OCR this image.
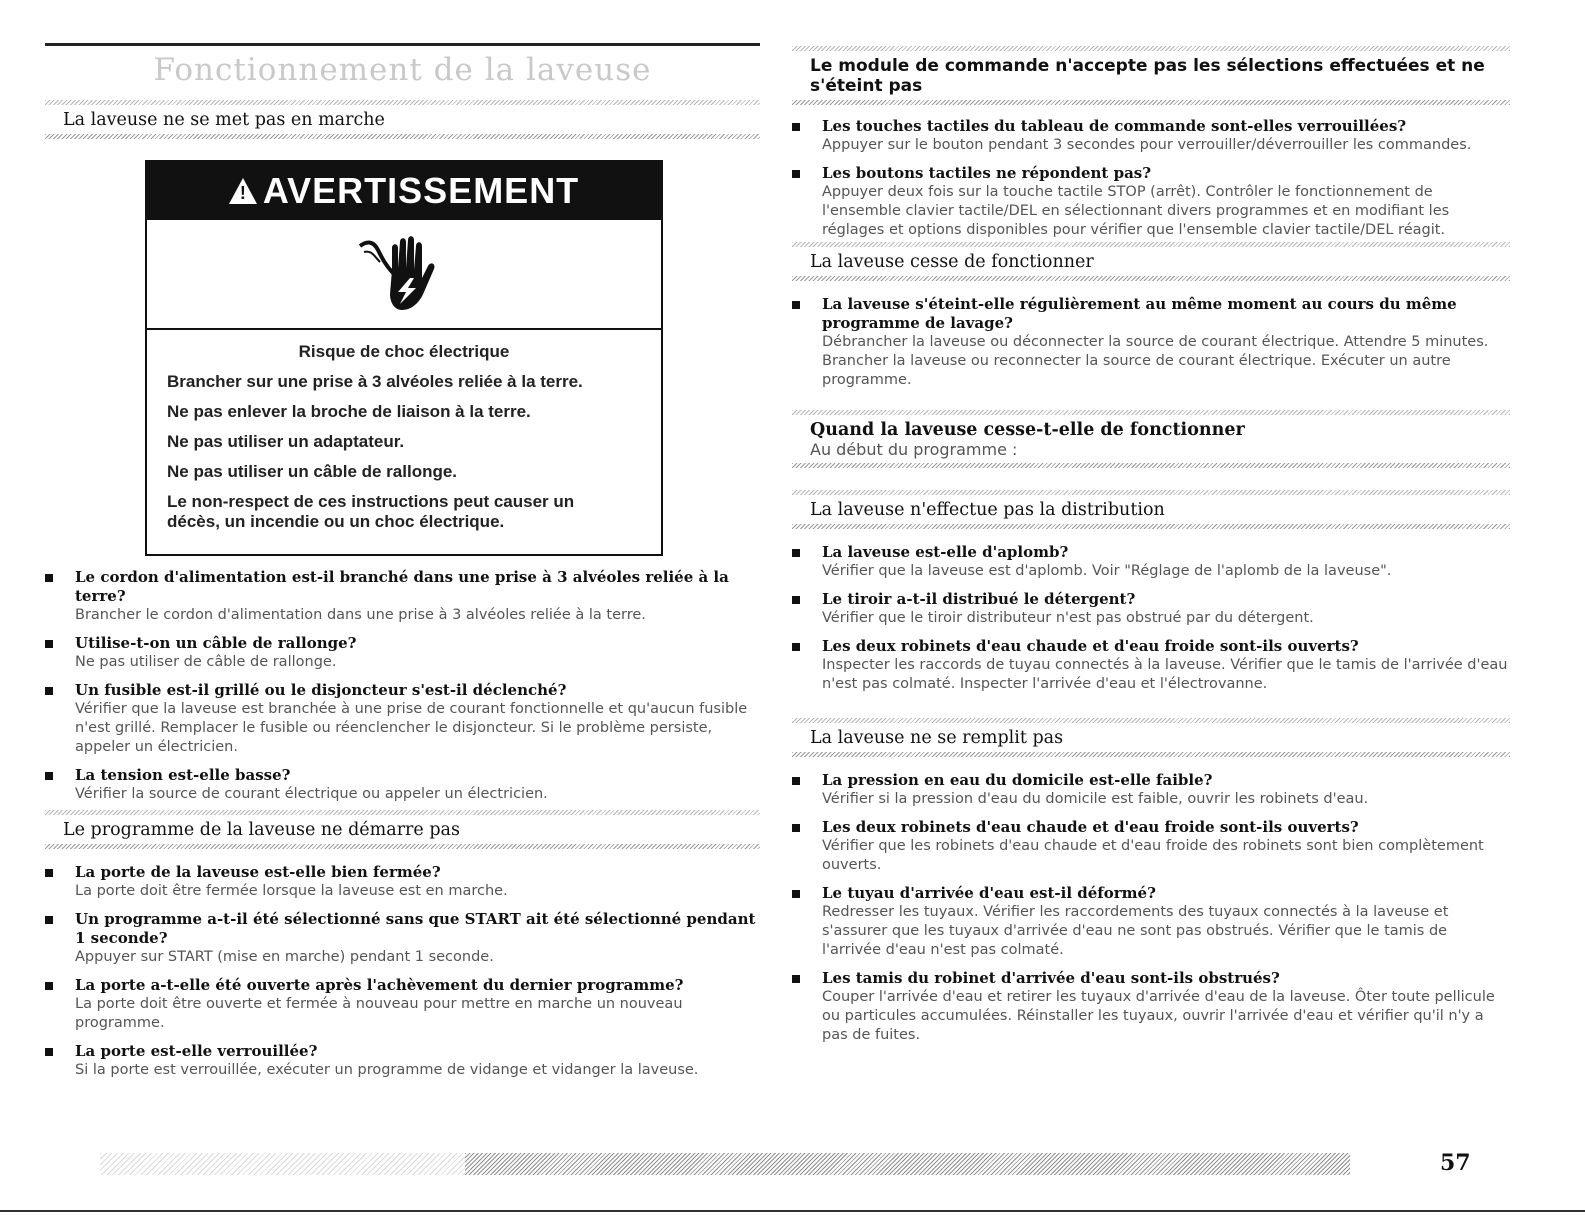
Fonctionnement de la laveuse
La laveuse ne se met pas en marche
! AVERTISSEMENT
Risque de choc électrique
Brancher sur une prise à 3 alvéoles reliée à la terre.
Ne pas enlever la broche de liaison à la terre.
Ne pas utiliser un adaptateur.
Ne pas utiliser un câble de rallonge.
Le non-respect de ces instructions peut causer un décès, un incendie ou un choc électrique.
Le cordon d'alimentation est-il branché dans une prise à 3 alvéoles reliée à la terre?
Brancher le cordon d'alimentation dans une prise à 3 alvéoles reliée à la terre.
Utilise-t-on un câble de rallonge?
Ne pas utiliser de câble de rallonge.
Un fusible est-il grillé ou le disjoncteur s'est-il déclenché?
Vérifier que la laveuse est branchée à une prise de courant fonctionnelle et qu'aucun fusible n'est grillé. Remplacer le fusible ou réenclencher le disjoncteur. Si le problème persiste, appeler un électricien.
La tension est-elle basse?
Vérifier la source de courant électrique ou appeler un électricien.
Le programme de la laveuse ne démarre pas
La porte de la laveuse est-elle bien fermée?
La porte doit être fermée lorsque la laveuse est en marche.
Un programme a-t-il été sélectionné sans que START ait été sélectionné pendant 1 seconde?
Appuyer sur START (mise en marche) pendant 1 seconde.
La porte a-t-elle été ouverte après l'achèvement du dernier programme?
La porte doit être ouverte et fermée à nouveau pour mettre en marche un nouveau programme.
La porte est-elle verrouillée?
Si la porte est verrouillée, exécuter un programme de vidange et vidanger la laveuse.
Le module de commande n'accepte pas les sélections effectuées et ne s'éteint pas
Les touches tactiles du tableau de commande sont-elles verrouillées?
Appuyer sur le bouton pendant 3 secondes pour verrouiller/déverrouiller les commandes.
Les boutons tactiles ne répondent pas?
Appuyer deux fois sur la touche tactile STOP (arrêt). Contrôler le fonctionnement de l'ensemble clavier tactile/DEL en sélectionnant divers programmes et en modifiant les réglages et options disponibles pour vérifier que l'ensemble clavier tactile/DEL réagit.
La laveuse cesse de fonctionner
La laveuse s'éteint-elle régulièrement au même moment au cours du même programme de lavage?
Débrancher la laveuse ou déconnecter la source de courant électrique. Attendre 5 minutes. Brancher la laveuse ou reconnecter la source de courant électrique. Exécuter un autre programme.
Quand la laveuse cesse-t-elle de fonctionner
Au début du programme :
La laveuse n'effectue pas la distribution
La laveuse est-elle d'aplomb?
Vérifier que la laveuse est d'aplomb. Voir "Réglage de l'aplomb de la laveuse".
Le tiroir a-t-il distribué le détergent?
Vérifier que le tiroir distributeur n'est pas obstrué par du détergent.
Les deux robinets d'eau chaude et d'eau froide sont-ils ouverts?
Inspecter les raccords de tuyau connectés à la laveuse. Vérifier que le tamis de l'arrivée d'eau n'est pas colmaté. Inspecter l'arrivée d'eau et l'électrovanne.
La laveuse ne se remplit pas
La pression en eau du domicile est-elle faible?
Vérifier si la pression d'eau du domicile est faible, ouvrir les robinets d'eau.
Les deux robinets d'eau chaude et d'eau froide sont-ils ouverts?
Vérifier que les robinets d'eau chaude et d'eau froide des robinets sont bien complètement ouverts.
Le tuyau d'arrivée d'eau est-il déformé?
Redresser les tuyaux. Vérifier les raccordements des tuyaux connectés à la laveuse et s'assurer que les tuyaux d'arrivée d'eau ne sont pas obstrués. Vérifier que le tamis de l'arrivée d'eau n'est pas colmaté.
Les tamis du robinet d'arrivée d'eau sont-ils obstrués?
Couper l'arrivée d'eau et retirer les tuyaux d'arrivée d'eau de la laveuse. Ôter toute pellicule ou particules accumulées. Réinstaller les tuyaux, ouvrir l'arrivée d'eau et vérifier qu'il n'y a pas de fuites.
57
